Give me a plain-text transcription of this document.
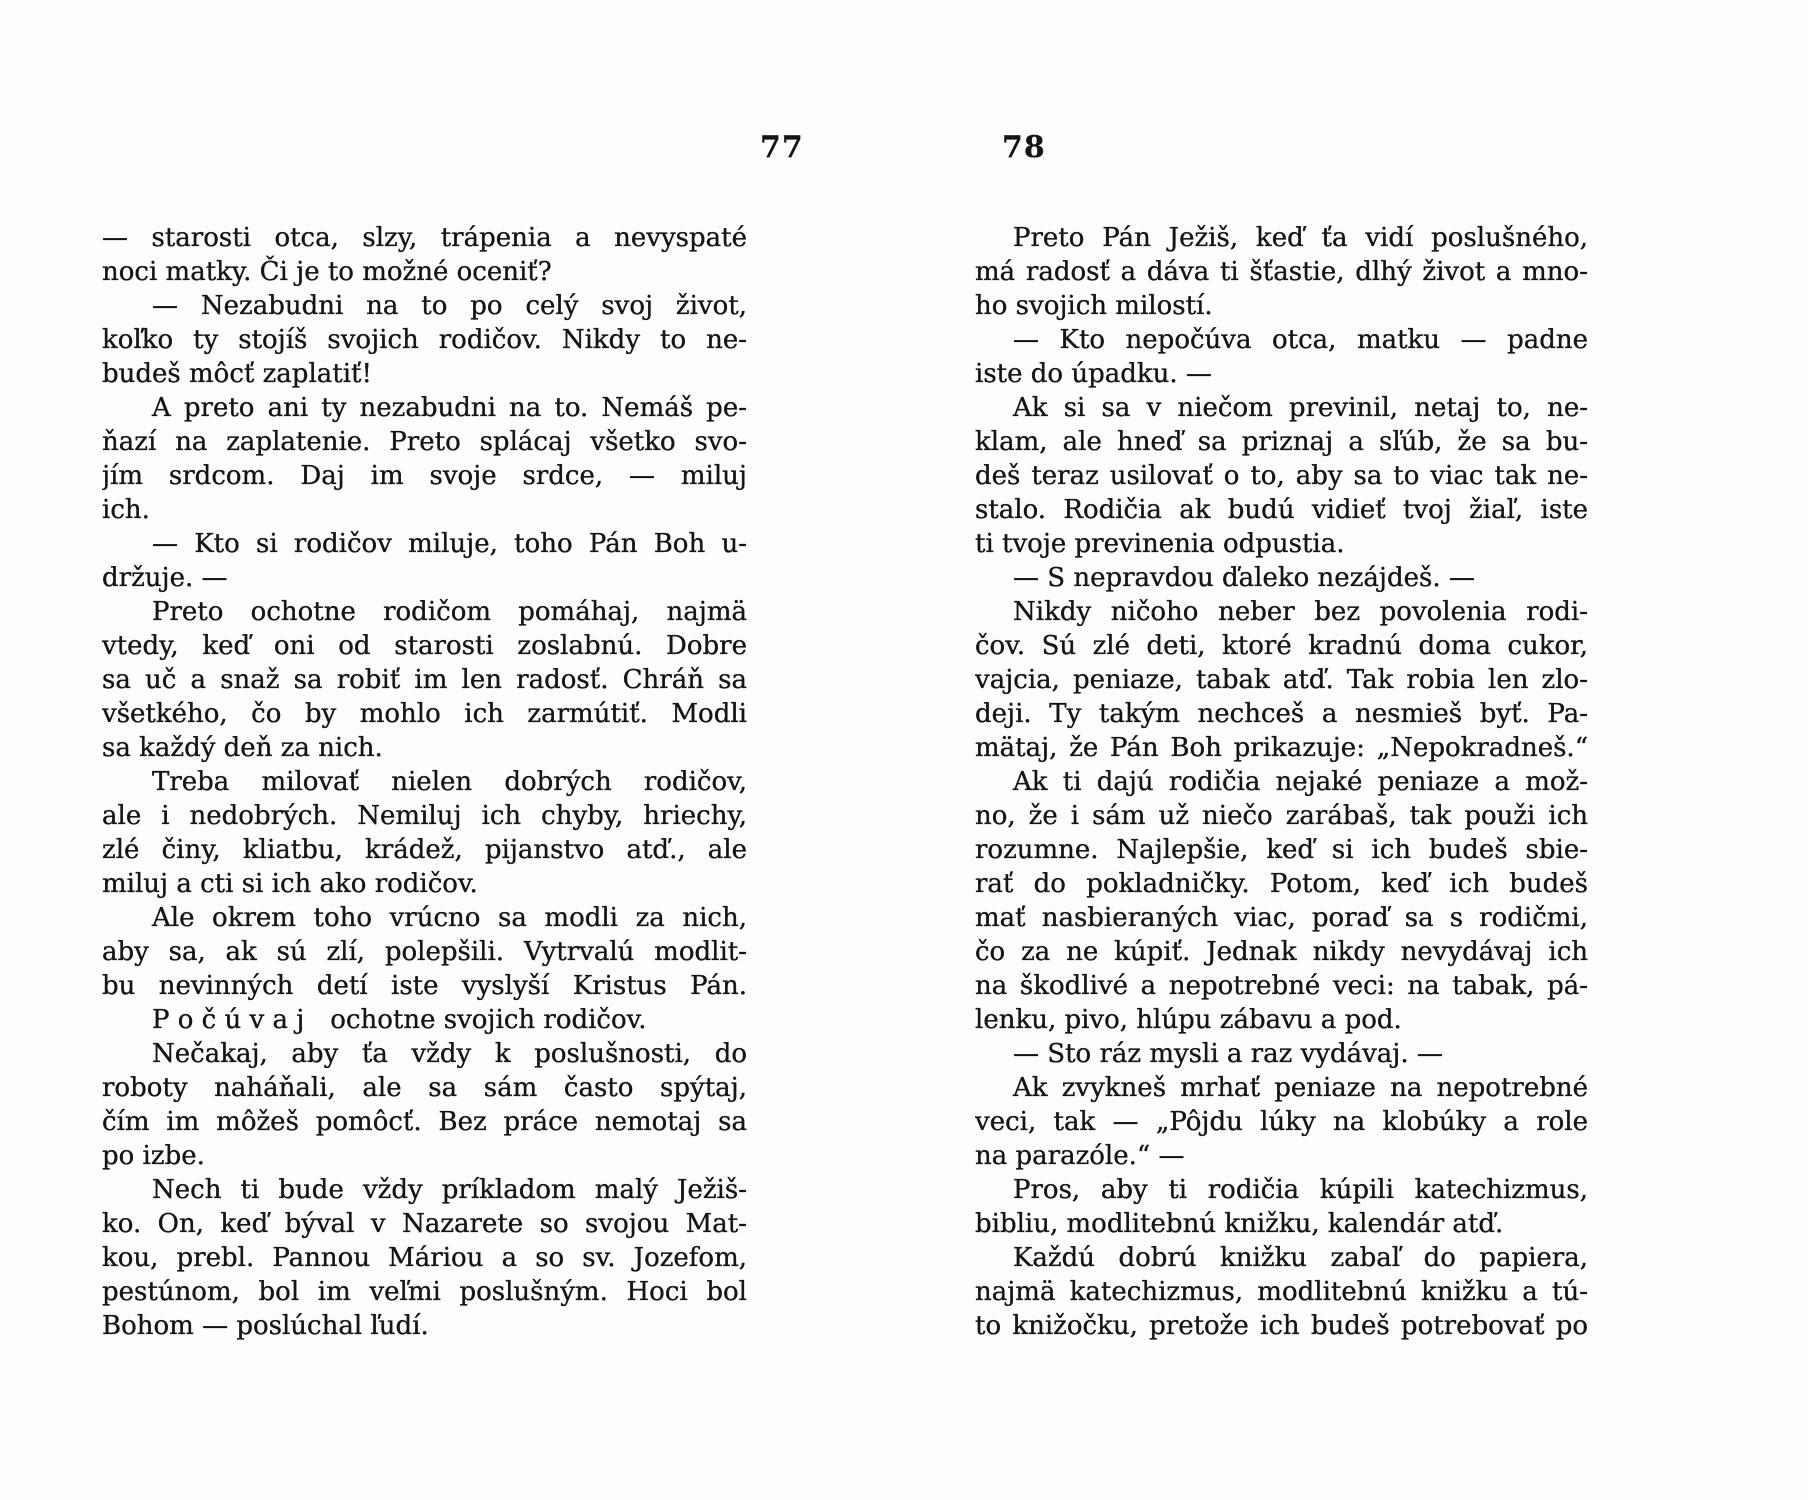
77	78
— starosti otca, slzy, trápenia a nevyspaté
noci matky. Či je to možné oceniť?
— Nezabudni na to po celý svoj život,
koľko ty stojíš svojich rodičov. Nikdy to ne-
budeš môcť zaplatiť!
A preto ani ty nezabudni na to. Nemáš pe-
ňazí na zaplatenie. Preto splácaj všetko svo-
jím srdcom. Daj im svoje srdce, — miluj
ich.
— Kto si rodičov miluje, toho Pán Boh u-
držuje. —
Preto ochotne rodičom pomáhaj, najmä
vtedy, keď oni od starosti zoslabnú. Dobre
sa uč a snaž sa robiť im len radosť. Chráň sa
všetkého, čo by mohlo ich zarmútiť. Modli
sa každý deň za nich.
Treba milovať nielen dobrých rodičov,
ale i nedobrých. Nemiluj ich chyby, hriechy,
zlé činy, kliatbu, krádež, pijanstvo atď., ale
miluj a cti si ich ako rodičov.
Ale okrem toho vrúcno sa modli za nich,
aby sa, ak sú zlí, polepšili. Vytrvalú modlit-
bu nevinných detí iste vyslyší Kristus Pán.
P o č ú v a j ochotne svojich rodičov.
Nečakaj, aby ťa vždy k poslušnosti, do
roboty naháňali, ale sa sám často spýtaj,
čím im môžeš pomôcť. Bez práce nemotaj sa
po izbe.
Nech ti bude vždy príkladom malý Ježiš-
ko. On, keď býval v Nazarete so svojou Mat-
kou, prebl. Pannou Máriou a so sv. Jozefom,
pestúnom, bol im veľmi poslušným. Hoci bol
Bohom — poslúchal ľudí.
Preto Pán Ježiš, keď ťa vidí poslušného,
má radosť a dáva ti šťastie, dlhý život a mno-
ho svojich milostí.
— Kto nepočúva otca, matku — padne
iste do úpadku. —
Ak si sa v niečom previnil, netaj to, ne-
klam, ale hneď sa priznaj a sľúb, že sa bu-
deš teraz usilovať o to, aby sa to viac tak ne-
stalo. Rodičia ak budú vidieť tvoj žiaľ, iste
ti tvoje previnenia odpustia.
— S nepravdou ďaleko nezájdeš. —
Nikdy ničoho neber bez povolenia rodi-
čov. Sú zlé deti, ktoré kradnú doma cukor,
vajcia, peniaze, tabak atď. Tak robia len zlo-
deji. Ty takým nechceš a nesmieš byť. Pa-
mätaj, že Pán Boh prikazuje: „Nepokradneš.“
Ak ti dajú rodičia nejaké peniaze a mož-
no, že i sám už niečo zarábaš, tak použi ich
rozumne. Najlepšie, keď si ich budeš sbie-
rať do pokladničky. Potom, keď ich budeš
mať nasbieraných viac, poraď sa s rodičmi,
čo za ne kúpiť. Jednak nikdy nevydávaj ich
na škodlivé a nepotrebné veci: na tabak, pá-
lenku, pivo, hlúpu zábavu a pod.
— Sto ráz mysli a raz vydávaj. —
Ak zvykneš mrhať peniaze na nepotrebné
veci, tak — „Pôjdu lúky na klobúky a role
na parazóle.“ —
Pros, aby ti rodičia kúpili katechizmus,
bibliu, modlitebnú knižku, kalendár atď.
Každú dobrú knižku zabaľ do papiera,
najmä katechizmus, modlitebnú knižku a tú-
to knižočku, pretože ich budeš potrebovať po
